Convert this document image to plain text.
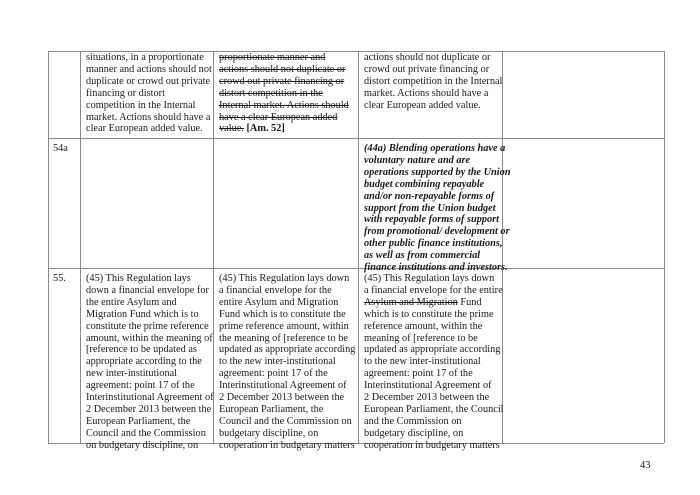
situations, in a proportionate
manner and actions should not
duplicate or crowd out private
financing or distort
competition in the Internal
market. Actions should have a
clear European added value.
proportionate manner and
actions should not duplicate or
crowd out private financing or
distort competition in the
Internal market. Actions should
have a clear European added
value. [Am. 52]
actions should not duplicate or
crowd out private financing or
distort competition in the Internal
market. Actions should have a
clear European added value.
54a	(44a) Blending operations have a
voluntary nature and are
operations supported by the Union
budget combining repayable
and/or non-repayable forms of
support from the Union budget
with repayable forms of support
from promotional/ development or
other public finance institutions,
as well as from commercial
finance institutions and investors.
55. (45) This Regulation lays
down a financial envelope for
the entire Asylum and
Migration Fund which is to
constitute the prime reference
amount, within the meaning of
[reference to be updated as
appropriate according to the
new inter-institutional
agreement: point 17 of the
Interinstitutional Agreement of
2 December 2013 between the
European Parliament, the
Council and the Commission
on budgetary discipline, on
(45) This Regulation lays down
a financial envelope for the
entire Asylum and Migration
Fund which is to constitute the
prime reference amount, within
the meaning of [reference to be
updated as appropriate according
to the new inter-institutional
agreement: point 17 of the
Interinstitutional Agreement of
2 December 2013 between the
European Parliament, the
Council and the Commission on
budgetary discipline, on
cooperation in budgetary matters
(45) This Regulation lays down
a financial envelope for the entire
Asylum and Migration Fund
which is to constitute the prime
reference amount, within the
meaning of [reference to be
updated as appropriate according
to the new inter-institutional
agreement: point 17 of the
Interinstitutional Agreement of
2 December 2013 between the
European Parliament, the Council
and the Commission on
budgetary discipline, on
cooperation in budgetary matters
43
